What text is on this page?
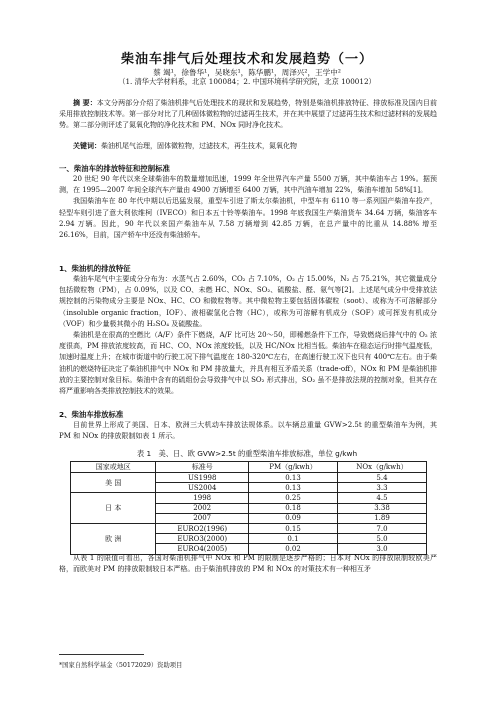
柴油车排气后处理技术和发展趋势（一）
蔡 竭¹，徐鲁华¹，吴晓东¹，陈华鹏¹，周泽兴²，王学中²
（1. 清华大学材料系，北京 100084；2. 中国环境科学研究院，北京 100012）

摘 要：本文分两部分介绍了柴油机排气后处理技术的现状和发展趋势，特别是柴油机排放特征、排放标准及国内目前采用排放控制技术等。第一部分对比了几种固体微粒物的过滤再生技术，并在其中展望了过滤再生技术和过滤材料的发展趋势。第二部分则评述了氮氧化物的净化技术和 PM、NOx 同时净化技术。

关键词：柴油机尾气治理，固体微粒物，过滤技术，再生技术，氮氧化物

一、柴油车的排放特征和控制标准

20 世纪 90 年代以来全球柴油车的数量增加迅速，1999 年全世界汽车产量 5500 万辆，其中柴油车占 19%。据预测，在 1995—2007 年间全球汽车产量由 4900 万辆增至 6400 万辆，其中汽油车增加 22%，柴油车增加 58%[1]。

我国柴油车在 80 年代中期以后迅猛发展，重型车引进了斯太尔柴油机，中型车有 6110 等一系列国产柴油车投产，轻型车则引进了意大利依维柯（IVECO）和日本五十铃等柴油车。1998 年底我国生产柴油货车 34.64 万辆，柴油客车 2.94 万辆。因此，90 年代以来国产柴油车从 7.58 万辆增到 42.85 万辆，在总产量中的比重从 14.88% 增至 26.16%，目前，国产轿车中还没有柴油轿车。

1、柴油机的排放特征

柴油车尾气中主要成分分布为：水蒸气占 2.60%，CO₂ 占 7.10%，O₂ 占 15.00%，N₂ 占 75.21%，其它微量成分包括微粒物（PM），占 0.09%，以及 CO、未燃 HC、NOx、SO₂、硫酸盐、醛、氨气等[2]。上述尾气成分中受排放法规控制的污染物成分主要是 NOx、HC、CO 和微粒物等。其中微粒物主要包括固体碳粒（soot）、或称为不可溶解部分（insoluble organic fraction，IOF）、液相碳氢化合物（HC），或称为可溶解有机成分（SOF）或可挥发有机成分（VOF）和少量极其微小的 H₂SO₄ 及硫酸盐。

柴油机是在很高的空燃比（A/F）条件下燃烧，A/F 比可达 20～50，即稀燃条件下工作，导致燃烧后排气中的 O₂ 浓度很高，PM 排放浓度较高，而 HC、CO、NOx 浓度较低，以及 HC/NOx 比相当低。柴油车在稳态运行时排气温度低，加速时温度上升；在城市街道中的行驶工况下排气温度在 180-320℃左右，在高速行驶工况下也只有 400℃左右。由于柴油机的燃烧特征决定了柴油机排气中 NOx 和 PM 排放量大，并具有相互矛盾关系（trade-off），NOx 和 PM 是柴油机排放的主要控制对象目标。柴油中含有的硫组份会导致排气中以 SO₂ 形式排出，SO₂ 虽不是排放法规的控制对象，但其存在将严重影响各类排放控制技术的效果。

2、柴油车排放标准

目前世界上形成了美国、日本、欧洲三大机动车排放法规体系。以车辆总重量 GVW>2.5t 的重型柴油车为例，其 PM 和 NOx 的排放限制如表 1 所示。

表 1　美、日、欧 GVW>2.5t 的重型柴油车排放标准，单位 g/kwh
国家或地区	标准号	PM（g/kwh）	NOx（g/kwh）
美 国	US1998	0.13	5.4
	US2004	0.13	3.3
日 本	1998	0.25	4.5
	2002	0.18	3.38
	2007	0.09	1.89
欧 洲	EURO2(1996)	0.15	7.0
	EURO3(2000)	0.1	5.0
	EURO4(2005)	0.02	3.0

从表 1 的限值可看出，各国对柴油机排气中 NOx 和 PM 的限制是逐步严格的；日本对 NOx 的排放限制较欧美严格，而欧美对 PM 的排放限制较日本严格。由于柴油机排放的 PM 和 NOx 的对策技术有一种相互矛

*国家自然科学基金（50172029）资助项目
